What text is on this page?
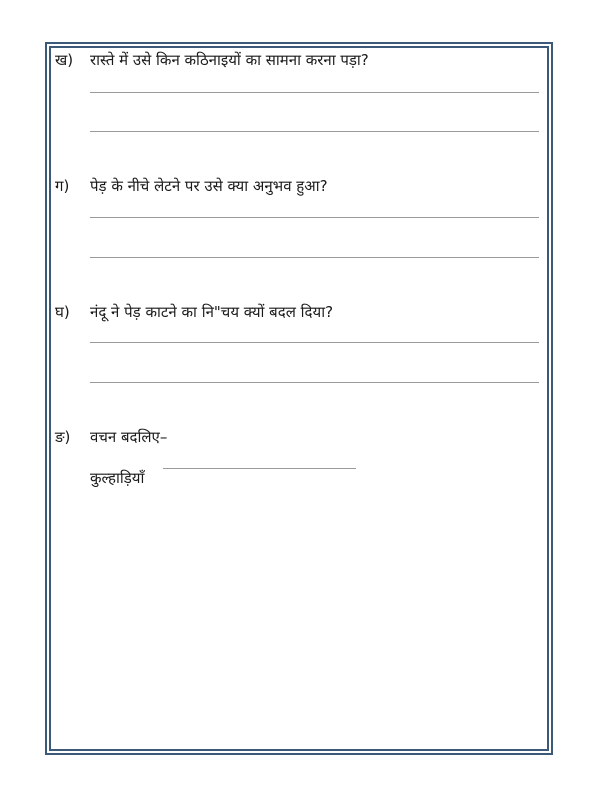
ख) रास्ते में उसे किन कठिनाइयों का सामना करना पड़ा?
ग) पेड़ के नीचे लेटने पर उसे क्या अनुभव हुआ?
घ) नंदू ने पेड़ काटने का नि"चय क्यों बदल दिया?
ङ) वचन बदलिए–
कुल्हाड़ियाँ
